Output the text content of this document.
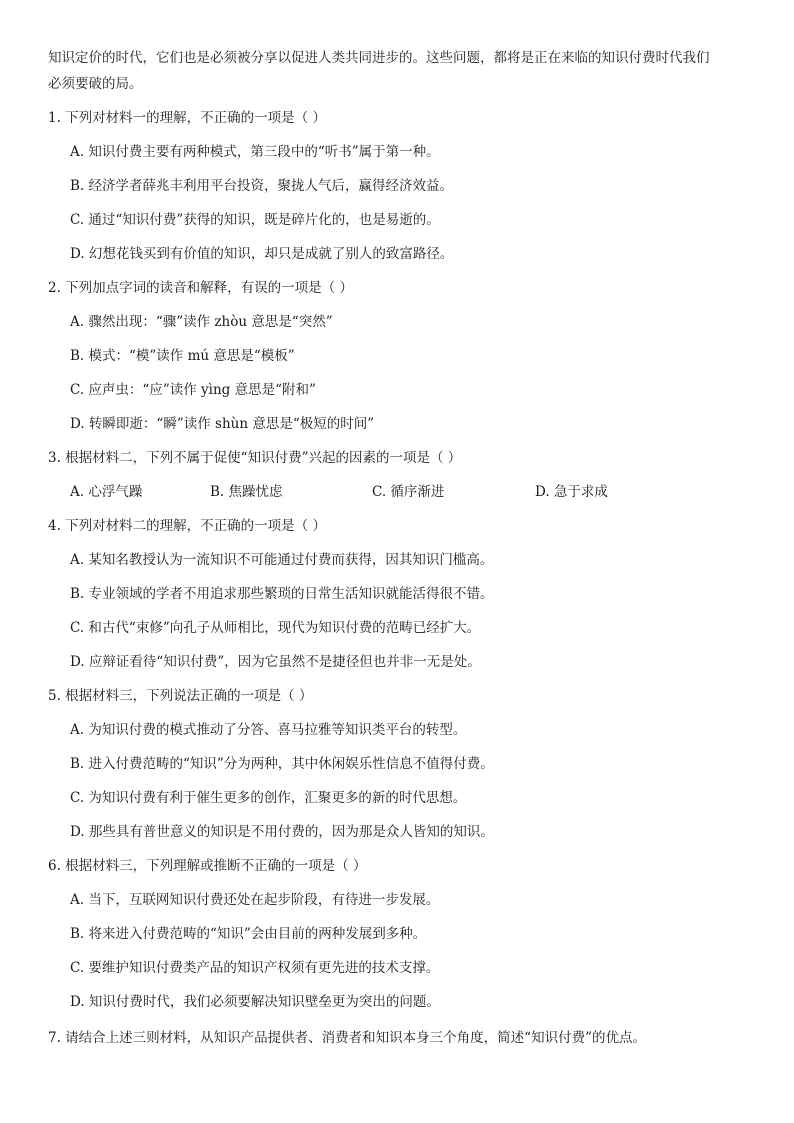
知识定价的时代，它们也是必须被分享以促进人类共同进步的。这些问题，都将是正在来临的知识付费时代我们
必须要破的局。
1. 下列对材料一的理解，不正确的一项是（ ）
A. 知识付费主要有两种模式，第三段中的“听书”属于第一种。
B. 经济学者薛兆丰利用平台投资，聚拢人气后，赢得经济效益。
C. 通过“知识付费”获得的知识，既是碎片化的，也是易逝的。
D. 幻想花钱买到有价值的知识，却只是成就了别人的致富路径。
2. 下列加点字词的读音和解释，有误的一项是（ ）
A. 骤然出现：“骤”读作 zhòu 意思是“突然”
B. 模式：“模”读作 mú 意思是“模板”
C. 应声虫：“应”读作 yìng 意思是“附和”
D. 转瞬即逝：“瞬”读作 shùn 意思是“极短的时间”
3. 根据材料二，下列不属于促使“知识付费”兴起的因素的一项是（ ）
A. 心浮气躁	B. 焦躁忧虑	C. 循序渐进	D. 急于求成
4. 下列对材料二的理解，不正确的一项是（ ）
A. 某知名教授认为一流知识不可能通过付费而获得，因其知识门槛高。
B. 专业领域的学者不用追求那些繁琐的日常生活知识就能活得很不错。
C. 和古代“束修”向孔子从师相比，现代为知识付费的范畴已经扩大。
D. 应辩证看待“知识付费”，因为它虽然不是捷径但也并非一无是处。
5. 根据材料三，下列说法正确的一项是（ ）
A. 为知识付费的模式推动了分答、喜马拉雅等知识类平台的转型。
B. 进入付费范畴的“知识”分为两种，其中休闲娱乐性信息不值得付费。
C. 为知识付费有利于催生更多的创作，汇聚更多的新的时代思想。
D. 那些具有普世意义的知识是不用付费的，因为那是众人皆知的知识。
6. 根据材料三，下列理解或推断不正确的一项是（ ）
A. 当下，互联网知识付费还处在起步阶段，有待进一步发展。
B. 将来进入付费范畴的“知识”会由目前的两种发展到多种。
C. 要维护知识付费类产品的知识产权须有更先进的技术支撑。
D. 知识付费时代，我们必须要解决知识壁垒更为突出的问题。
7. 请结合上述三则材料，从知识产品提供者、消费者和知识本身三个角度，简述“知识付费”的优点。
